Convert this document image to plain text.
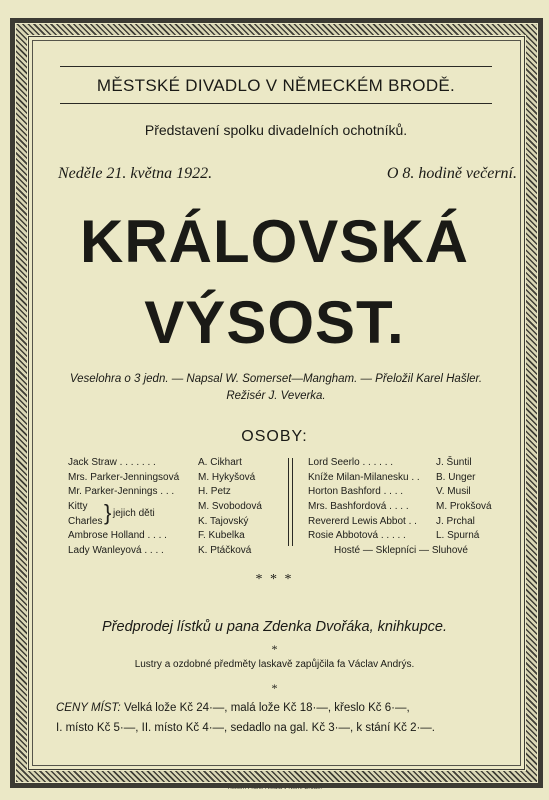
MĚSTSKÉ DIVADLO V NĚMECKÉM BRODĚ.
Představení spolku divadelních ochotníků.
Neděle 21. května 1922.	O 8. hodině večerní.
KRÁLOVSKÁ
VÝSOST.
Veselohra o 3 jedn. — Napsal W. Somerset—Mangham. — Přeložil Karel Hašler.
Režisér J. Veverka.
OSOBY:
Jack Straw . . . . . . .	A. Cikhart
Mrs. Parker-Jenningsová M. Hykyšová
Mr. Parker-Jennings . . . H. Petz
Kitty	M. Svobodová
Charles	K. Tajovský
} jejich děti
Ambrose Holland . . . .	F. Kubelka
Lady Wanleyová . . . .	K. Ptáčková
Lord Seerlo . . . . . .	J. Šuntil
Kníže Milan-Milanesku . . B. Unger
Horton Bashford . . . .	V. Musil
Mrs. Bashfordová . . . .	M. Prokšová
Revererd Lewis Abbot . . J. Prchal
Rosie Abbotová . . . . .	L. Spurná
Hosté — Sklepníci — Sluhové
* * *
Předprodej lístků u pana Zdenka Dvořáka, knihkupce.
*
Lustry a ozdobné předměty laskavě zapůjčila fa Václav Andrýs.
*
CENY MÍST: Velká lože Kč 24·—, malá lože Kč 18·—, křeslo Kč 6·—,
I. místo Kč 5·—, II. místo Kč 4·—, sedadlo na gal. Kč 3·—, k stání Kč 2·—.
Tiskem Frant. Riedla v Něm. Brodě.
